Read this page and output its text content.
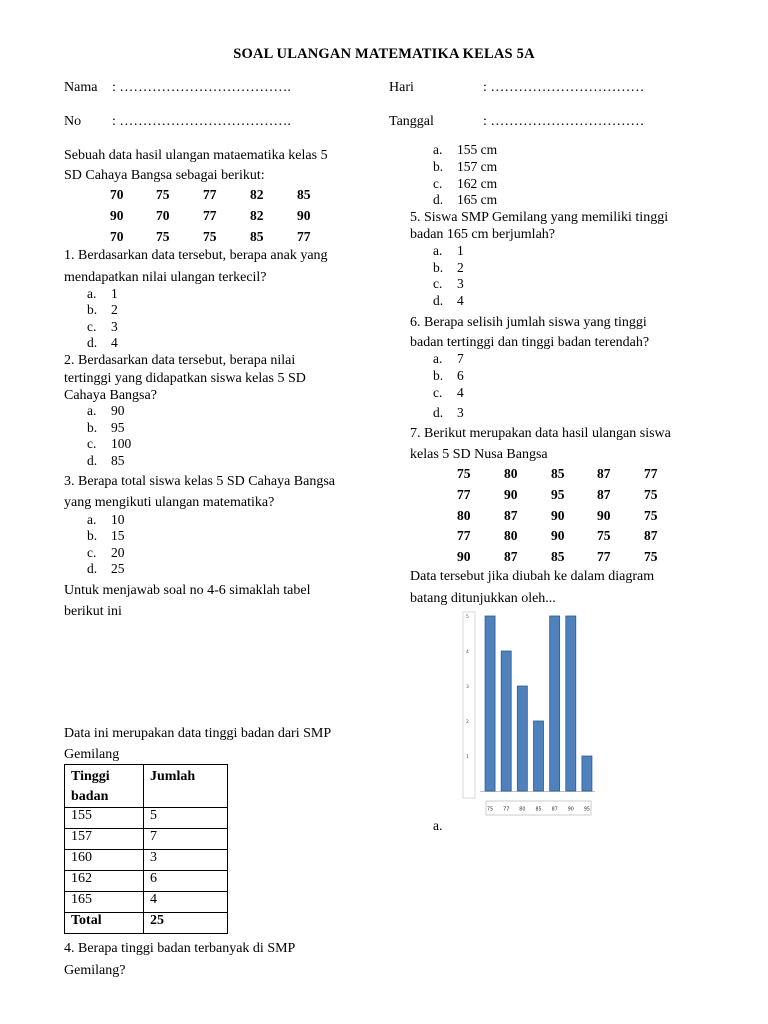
SOAL ULANGAN MATEMATIKA KELAS 5A
Nama : ……………………………….	Hari	: ……………………………
No : ……………………………….	Tanggal	: ……………………………
Sebuah data hasil ulangan mataematika kelas 5
SD Cahaya Bangsa sebagai berikut:
70 75 77 82 85
90 70 77 82 90
70 75 75 85 77
1. Berdasarkan data tersebut, berapa anak yang
mendapatkan nilai ulangan terkecil?
a. 1
b. 2
c. 3
d. 4
2. Berdasarkan data tersebut, berapa nilai
tertinggi yang didapatkan siswa kelas 5 SD
Cahaya Bangsa?
a. 90
b. 95
c. 100
d. 85
3. Berapa total siswa kelas 5 SD Cahaya Bangsa
yang mengikuti ulangan matematika?
a. 10
b. 15
c. 20
d. 25
Untuk menjawab soal no 4-6 simaklah tabel
berikut ini
Data ini merupakan data tinggi badan dari SMP
Gemilang
Tinggi
badan	Jumlah
155	5
157	7
160	3
162	6
165	4
Total	25
4. Berapa tinggi badan terbanyak di SMP
Gemilang?
a. 155 cm
b. 157 cm
c. 162 cm
d. 165 cm
5. Siswa SMP Gemilang yang memiliki tinggi
badan 165 cm berjumlah?
a. 1
b. 2
c. 3
d. 4
6. Berapa selisih jumlah siswa yang tinggi
badan tertinggi dan tinggi badan terendah?
a. 7
b. 6
c. 4
d. 3
7. Berikut merupakan data hasil ulangan siswa
kelas 5 SD Nusa Bangsa
75 80 85 87 77
77 90 95 87 75
80 87 90 90 75
77 80 90 75 87
90 87 85 77 75
Data tersebut jika diubah ke dalam diagram
batang ditunjukkan oleh...
1
2
3
4
5
75 77 80 85 87 90 95
a.
